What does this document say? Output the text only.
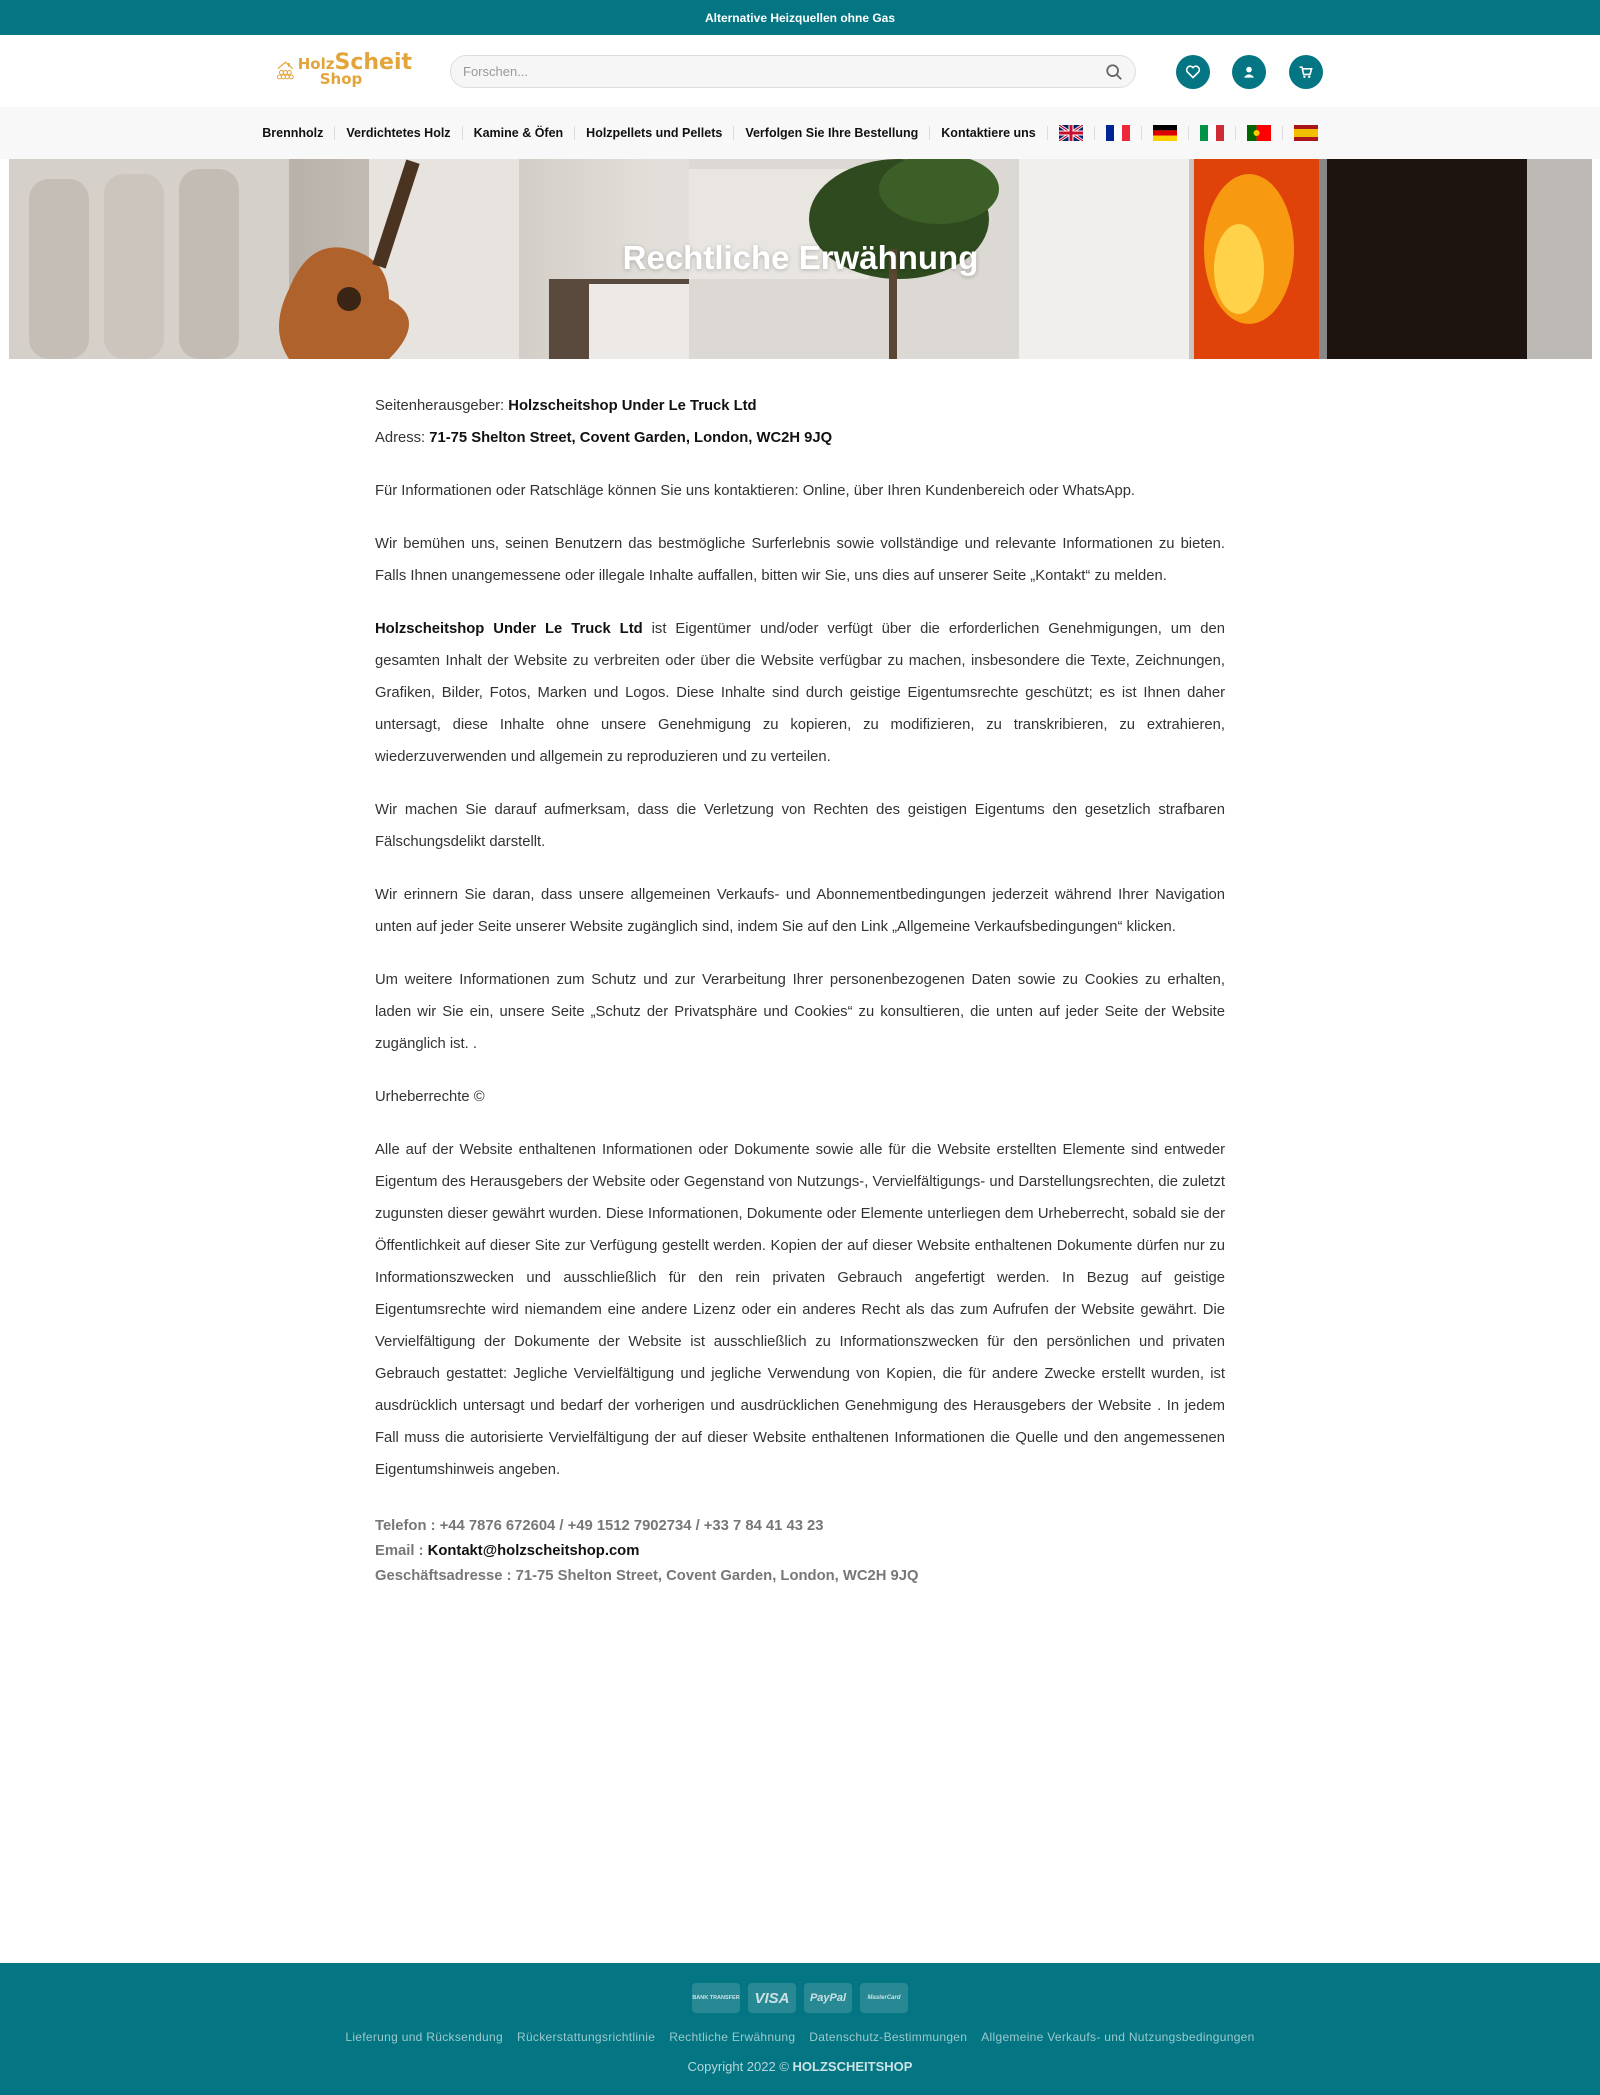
Alternative Heizquellen ohne Gas
HolzScheit
Shop
Forschen...
Brennholz	Verdichtetes Holz	Kamine & Öfen	Holzpellets und Pellets	Verfolgen Sie Ihre Bestellung	Kontaktiere uns
Rechtliche Erwähnung

Seitenherausgeber: Holzscheitshop Under Le Truck Ltd

Adress: 71-75 Shelton Street, Covent Garden, London, WC2H 9JQ

Für Informationen oder Ratschläge können Sie uns kontaktieren: Online, über Ihren Kundenbereich oder WhatsApp.

Wir bemühen uns, seinen Benutzern das bestmögliche Surferlebnis sowie vollständige und relevante Informationen zu bieten. Falls Ihnen unangemessene oder illegale Inhalte auffallen, bitten wir Sie, uns dies auf unserer Seite „Kontakt“ zu melden.

Holzscheitshop Under Le Truck Ltd ist Eigentümer und/oder verfügt über die erforderlichen Genehmigungen, um den gesamten Inhalt der Website zu verbreiten oder über die Website verfügbar zu machen, insbesondere die Texte, Zeichnungen, Grafiken, Bilder, Fotos, Marken und Logos. Diese Inhalte sind durch geistige Eigentumsrechte geschützt; es ist Ihnen daher untersagt, diese Inhalte ohne unsere Genehmigung zu kopieren, zu modifizieren, zu transkribieren, zu extrahieren, wiederzuverwenden und allgemein zu reproduzieren und zu verteilen.

Wir machen Sie darauf aufmerksam, dass die Verletzung von Rechten des geistigen Eigentums den gesetzlich strafbaren Fälschungsdelikt darstellt.

Wir erinnern Sie daran, dass unsere allgemeinen Verkaufs- und Abonnementbedingungen jederzeit während Ihrer Navigation unten auf jeder Seite unserer Website zugänglich sind, indem Sie auf den Link „Allgemeine Verkaufsbedingungen“ klicken.

Um weitere Informationen zum Schutz und zur Verarbeitung Ihrer personenbezogenen Daten sowie zu Cookies zu erhalten, laden wir Sie ein, unsere Seite „Schutz der Privatsphäre und Cookies“ zu konsultieren, die unten auf jeder Seite der Website zugänglich ist. .

Urheberrechte ©

Alle auf der Website enthaltenen Informationen oder Dokumente sowie alle für die Website erstellten Elemente sind entweder Eigentum des Herausgebers der Website oder Gegenstand von Nutzungs-, Vervielfältigungs- und Darstellungsrechten, die zuletzt zugunsten dieser gewährt wurden. Diese Informationen, Dokumente oder Elemente unterliegen dem Urheberrecht, sobald sie der Öffentlichkeit auf dieser Site zur Verfügung gestellt werden. Kopien der auf dieser Website enthaltenen Dokumente dürfen nur zu Informationszwecken und ausschließlich für den rein privaten Gebrauch angefertigt werden. In Bezug auf geistige Eigentumsrechte wird niemandem eine andere Lizenz oder ein anderes Recht als das zum Aufrufen der Website gewährt. Die Vervielfältigung der Dokumente der Website ist ausschließlich zu Informationszwecken für den persönlichen und privaten Gebrauch gestattet: Jegliche Vervielfältigung und jegliche Verwendung von Kopien, die für andere Zwecke erstellt wurden, ist ausdrücklich untersagt und bedarf der vorherigen und ausdrücklichen Genehmigung des Herausgebers der Website . In jedem Fall muss die autorisierte Vervielfältigung der auf dieser Website enthaltenen Informationen die Quelle und den angemessenen Eigentumshinweis angeben.

Telefon : +44 7876 672604 / +49 1512 7902734 / +33 7 84 41 43 23
Email : Kontakt@holzscheitshop.com
Geschäftsadresse : 71-75 Shelton Street, Covent Garden, London, WC2H 9JQ
BANK TRANSFER VISA	PayPal	MasterCard
Lieferung und Rücksendung Rückerstattungsrichtlinie Rechtliche Erwähnung Datenschutz-Bestimmungen Allgemeine Verkaufs- und Nutzungsbedingungen
Copyright 2022 © HOLZSCHEITSHOP
